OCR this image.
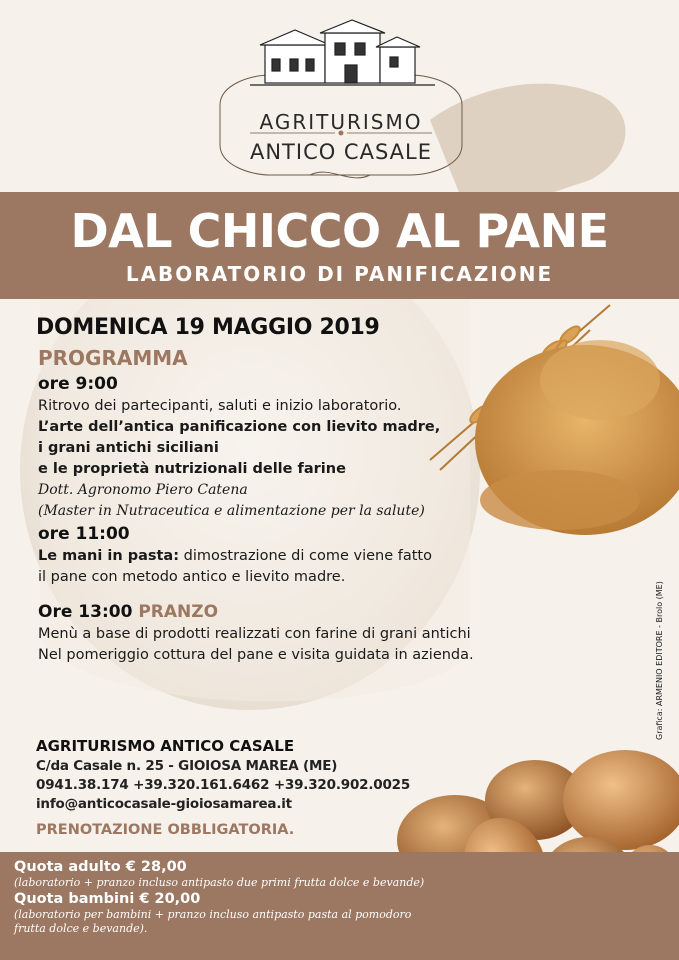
AGRITURISMO
ANTICO CASALE
DAL CHICCO AL PANE
LABORATORIO DI PANIFICAZIONE
DOMENICA 19 MAGGIO 2019
PROGRAMMA
ore 9:00
Ritrovo dei partecipanti, saluti e inizio laboratorio.
L’arte dell’antica panificazione con lievito madre,
i grani antichi siciliani
e le proprietà nutrizionali delle farine
Dott. Agronomo Piero Catena
(Master in Nutraceutica e alimentazione per la salute)
ore 11:00
Le mani in pasta: dimostrazione di come viene fatto
il pane con metodo antico e lievito madre.
Ore 13:00 PRANZO
Menù a base di prodotti realizzati con farine di grani antichi
Nel pomeriggio cottura del pane e visita guidata in azienda.
AGRITURISMO ANTICO CASALE
C/da Casale n. 25 - GIOIOSA MAREA (ME)
0941.38.174 +39.320.161.6462 +39.320.902.0025
info@anticocasale-gioiosamarea.it
PRENOTAZIONE OBBLIGATORIA.
Quota adulto € 28,00
(laboratorio + pranzo incluso antipasto due primi frutta dolce e bevande)
Quota bambini € 20,00
(laboratorio per bambini + pranzo incluso antipasto pasta al pomodoro
frutta dolce e bevande).
Grafica: ARMENIO EDITORE - Brolo (ME)
